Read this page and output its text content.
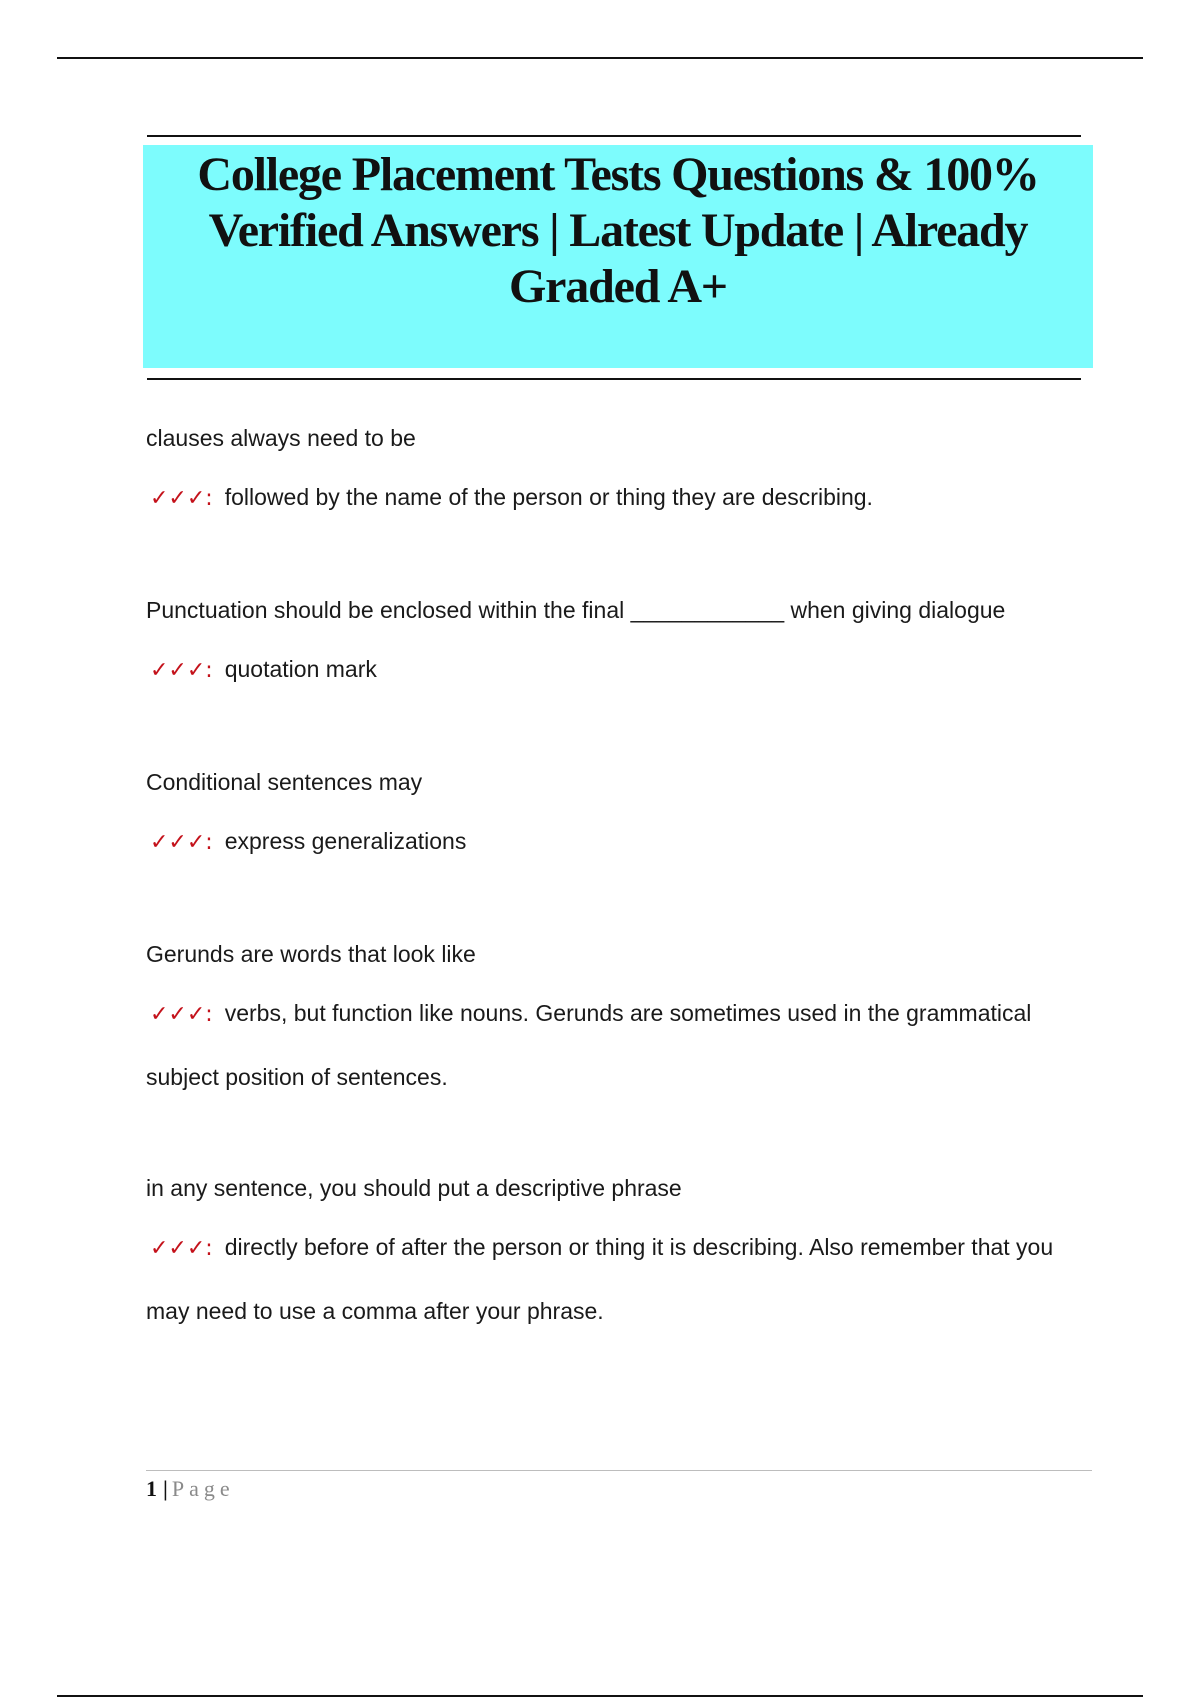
College Placement Tests Questions & 100%
Verified Answers | Latest Update | Already
Graded A+

clauses always need to be

✓✓✓: followed by the name of the person or thing they are describing.

Punctuation should be enclosed within the final ____________ when giving dialogue

✓✓✓: quotation mark

Conditional sentences may

✓✓✓: express generalizations

Gerunds are words that look like

✓✓✓: verbs, but function like nouns. Gerunds are sometimes used in the grammatical subject position of sentences.

in any sentence, you should put a descriptive phrase

✓✓✓: directly before of after the person or thing it is describing. Also remember that you may need to use a comma after your phrase.

1 | Page
